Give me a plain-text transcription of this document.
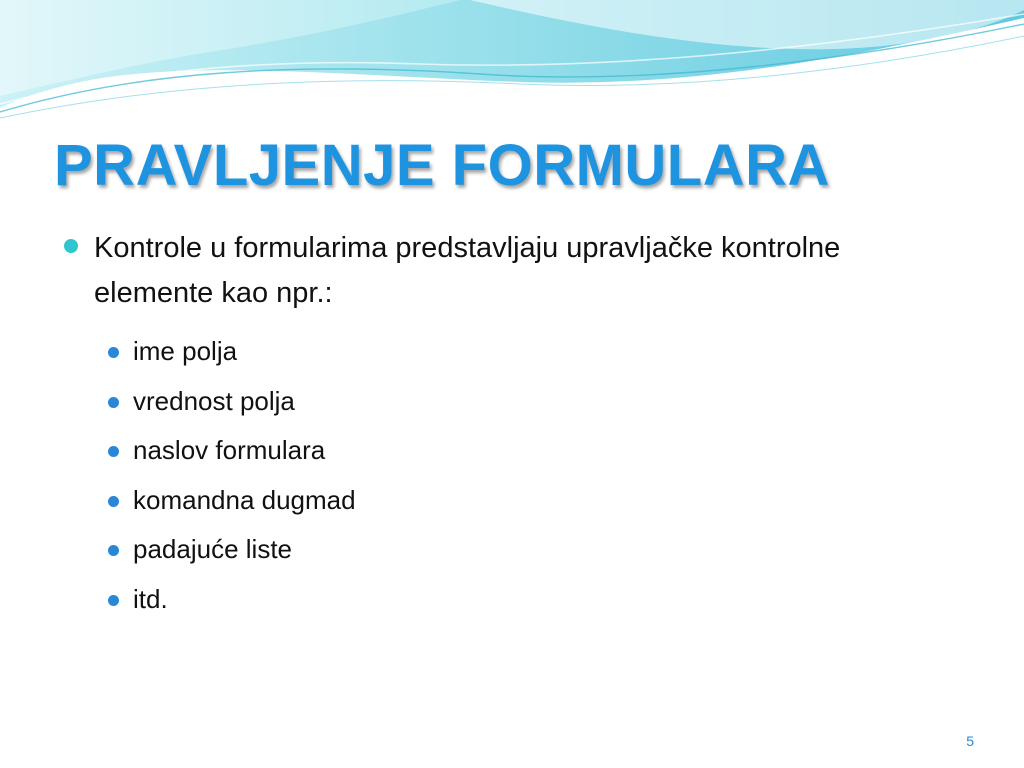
PRAVLJENJE FORMULARA
Kontrole u formularima predstavljaju upravljačke kontrolne elemente kao npr.:
ime polja
vrednost polja
naslov formulara
komandna dugmad
padajuće liste
itd.
5
